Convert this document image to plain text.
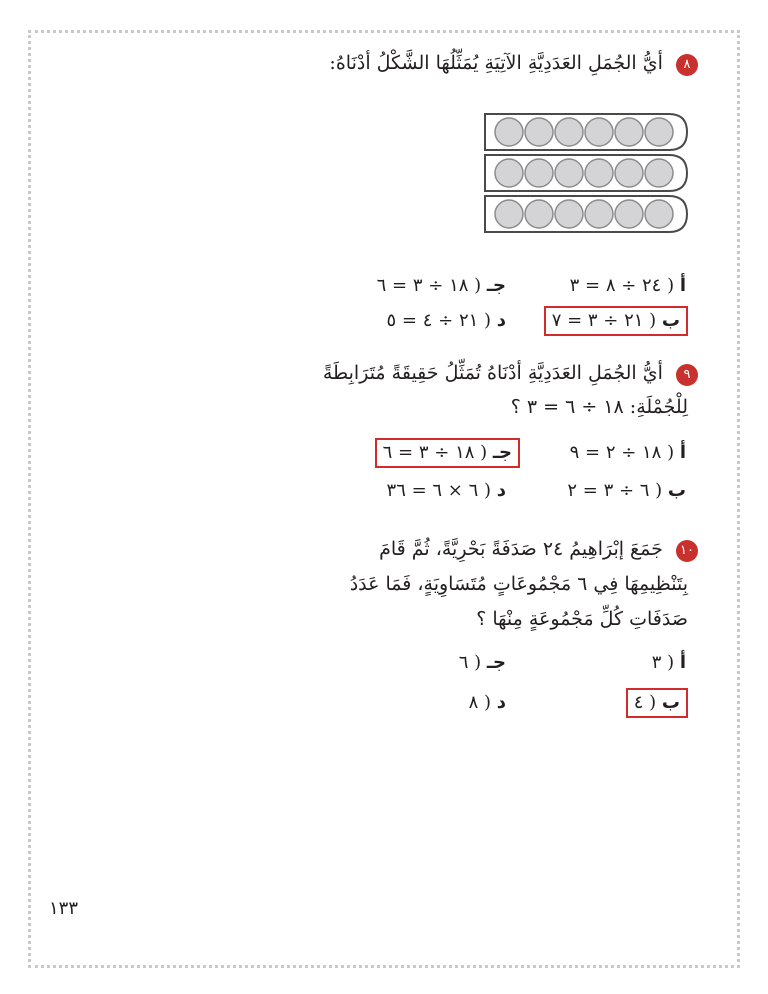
٨ أيُّ الجُمَلِ العَدَدِيَّةِ الآتِيَةِ يُمَثِّلُهَا الشَّكْلُ أدْنَاهُ:
أ ( ٢٤ ÷ ٨ = ٣
جـ ( ١٨ ÷ ٣ = ٦
ب ( ٢١ ÷ ٣ = ٧
د ( ٢١ ÷ ٤ = ٥
٩ أيُّ الجُمَلِ العَدَدِيَّةِ أدْنَاهُ تُمَثِّلُ حَقِيقَةً مُتَرَابِطَةً
لِلْجُمْلَةِ: ١٨ ÷ ٦ = ٣ ؟
أ ( ١٨ ÷ ٢ = ٩
جـ ( ١٨ ÷ ٣ = ٦
ب ( ٦ ÷ ٣ = ٢
د ( ٦ × ٦ = ٣٦
١٠ جَمَعَ إبْرَاهِيمُ ٢٤ صَدَفَةً بَحْرِيَّةً، ثُمَّ قَامَ
بِتَنْظِيمِهَا فِي ٦ مَجْمُوعَاتٍ مُتَسَاوِيَةٍ، فَمَا عَدَدُ
صَدَفَاتِ كُلِّ مَجْمُوعَةٍ مِنْهَا ؟
أ ( ٣
جـ ( ٦
ب ( ٤
د ( ٨
١٣٣
